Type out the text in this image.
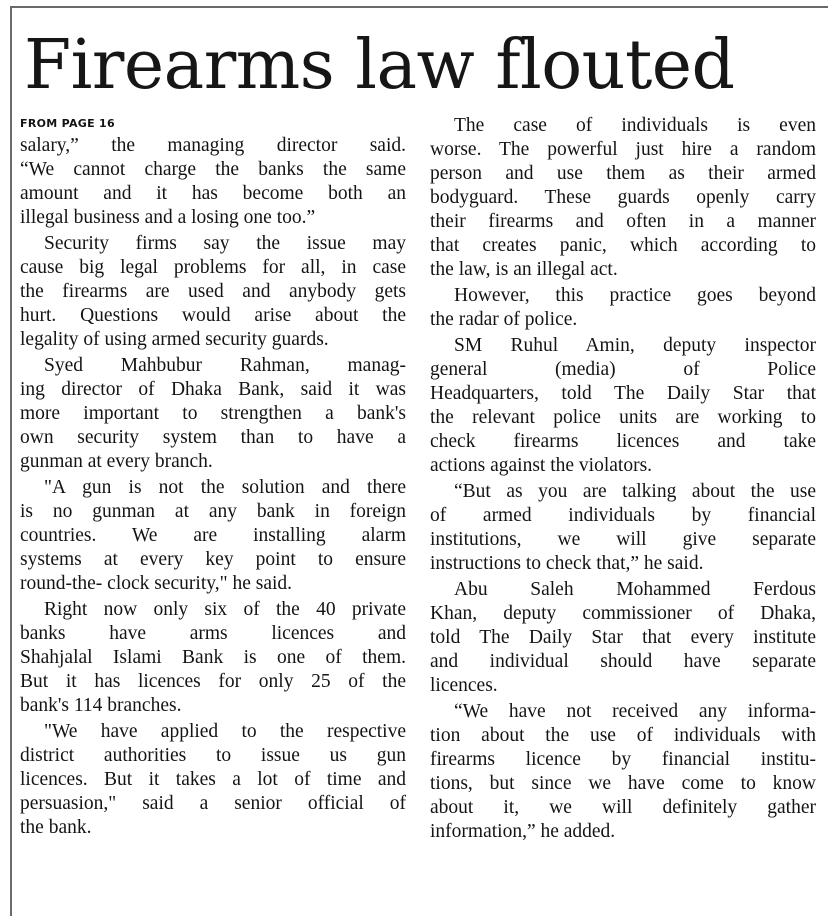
Firearms law flouted
FROM PAGE 16
salary,” the managing director said.
“We cannot charge the banks the same
amount and it has become both an
illegal business and a losing one too.”
Security firms say the issue may
cause big legal problems for all, in case
the firearms are used and anybody gets
hurt. Questions would arise about the
legality of using armed security guards.
Syed Mahbubur Rahman, manag-
ing director of Dhaka Bank, said it was
more important to strengthen a bank's
own security system than to have a
gunman at every branch.
"A gun is not the solution and there
is no gunman at any bank in foreign
countries. We are installing alarm
systems at every key point to ensure
round-the- clock security," he said.
Right now only six of the 40 private
banks have arms licences and
Shahjalal Islami Bank is one of them.
But it has licences for only 25 of the
bank's 114 branches.
"We have applied to the respective
district authorities to issue us gun
licences. But it takes a lot of time and
persuasion," said a senior official of
the bank.
The case of individuals is even
worse. The powerful just hire a random
person and use them as their armed
bodyguard. These guards openly carry
their firearms and often in a manner
that creates panic, which according to
the law, is an illegal act.
However, this practice goes beyond
the radar of police.
SM Ruhul Amin, deputy inspector
general (media) of Police
Headquarters, told The Daily Star that
the relevant police units are working to
check firearms licences and take
actions against the violators.
“But as you are talking about the use
of armed individuals by financial
institutions, we will give separate
instructions to check that,” he said.
Abu Saleh Mohammed Ferdous
Khan, deputy commissioner of Dhaka,
told The Daily Star that every institute
and individual should have separate
licences.
“We have not received any informa-
tion about the use of individuals with
firearms licence by financial institu-
tions, but since we have come to know
about it, we will definitely gather
information,” he added.
